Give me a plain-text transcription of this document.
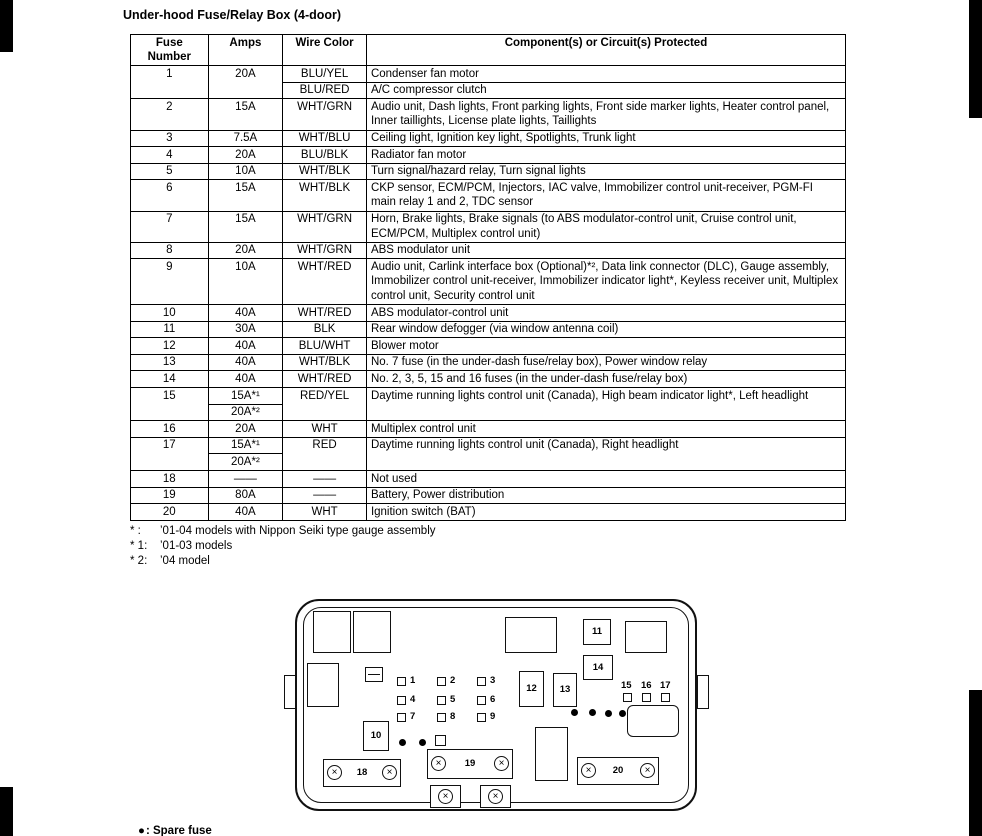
Under-hood Fuse/Relay Box (4-door)
Fuse Number	Amps	Wire Color	Component(s) or Circuit(s) Protected
1	20A	BLU/YEL	Condenser fan motor
		BLU/RED	A/C compressor clutch
2	15A	WHT/GRN	Audio unit, Dash lights, Front parking lights, Front side marker lights, Heater control panel, Inner taillights, License plate lights, Taillights
3	7.5A	WHT/BLU	Ceiling light, Ignition key light, Spotlights, Trunk light
4	20A	BLU/BLK	Radiator fan motor
5	10A	WHT/BLK	Turn signal/hazard relay, Turn signal lights
6	15A	WHT/BLK	CKP sensor, ECM/PCM, Injectors, IAC valve, Immobilizer control unit-receiver, PGM-FI main relay 1 and 2, TDC sensor
7	15A	WHT/GRN	Horn, Brake lights, Brake signals (to ABS modulator-control unit, Cruise control unit, ECM/PCM, Multiplex control unit)
8	20A	WHT/GRN	ABS modulator unit
9	10A	WHT/RED	Audio unit, Carlink interface box (Optional)*², Data link connector (DLC), Gauge assembly, Immobilizer control unit-receiver, Immobilizer indicator light*, Keyless receiver unit, Multiplex control unit, Security control unit
10	40A	WHT/RED	ABS modulator-control unit
11	30A	BLK	Rear window defogger (via window antenna coil)
12	40A	BLU/WHT	Blower motor
13	40A	WHT/BLK	No. 7 fuse (in the under-dash fuse/relay box), Power window relay
14	40A	WHT/RED	No. 2, 3, 5, 15 and 16 fuses (in the under-dash fuse/relay box)
15	15A*¹	RED/YEL	Daytime running lights control unit (Canada), High beam indicator light*, Left headlight
	20A*²		
16	20A	WHT	Multiplex control unit
17	15A*¹	RED	Daytime running lights control unit (Canada), Right headlight
	20A*²		
18	——	——	Not used
19	80A	——	Battery, Power distribution
20	40A	WHT	Ignition switch (BAT)
* :	’01-04 models with Nippon Seiki type gauge assembly
* 1:	’01-03 models
* 2:	’04 model
11
14
12	13
10
1	2	3
4	5	6
7	8	9
15 16 17
×	18	×
×	19	×
×	20	×
×	×
● : Spare fuse
